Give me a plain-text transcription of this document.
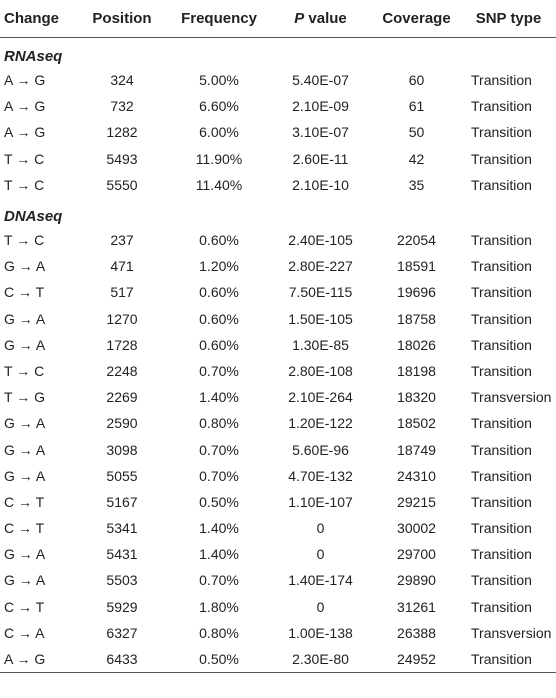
Change	Position	Frequency	P value	Coverage	SNP type
RNAseq					
A → G	324	5.00%	5.40E-07	60	Transition
A → G	732	6.60%	2.10E-09	61	Transition
A → G	1282	6.00%	3.10E-07	50	Transition
T → C	5493	11.90%	2.60E-11	42	Transition
T → C	5550	11.40%	2.10E-10	35	Transition
DNAseq					
T → C	237	0.60%	2.40E-105	22054	Transition
G → A	471	1.20%	2.80E-227	18591	Transition
C → T	517	0.60%	7.50E-115	19696	Transition
G → A	1270	0.60%	1.50E-105	18758	Transition
G → A	1728	0.60%	1.30E-85	18026	Transition
T → C	2248	0.70%	2.80E-108	18198	Transition
T → G	2269	1.40%	2.10E-264	18320	Transversion
G → A	2590	0.80%	1.20E-122	18502	Transition
G → A	3098	0.70%	5.60E-96	18749	Transition
G → A	5055	0.70%	4.70E-132	24310	Transition
C → T	5167	0.50%	1.10E-107	29215	Transition
C → T	5341	1.40%	0	30002	Transition
G → A	5431	1.40%	0	29700	Transition
G → A	5503	0.70%	1.40E-174	29890	Transition
C → T	5929	1.80%	0	31261	Transition
C → A	6327	0.80%	1.00E-138	26388	Transversion
A → G	6433	0.50%	2.30E-80	24952	Transition
